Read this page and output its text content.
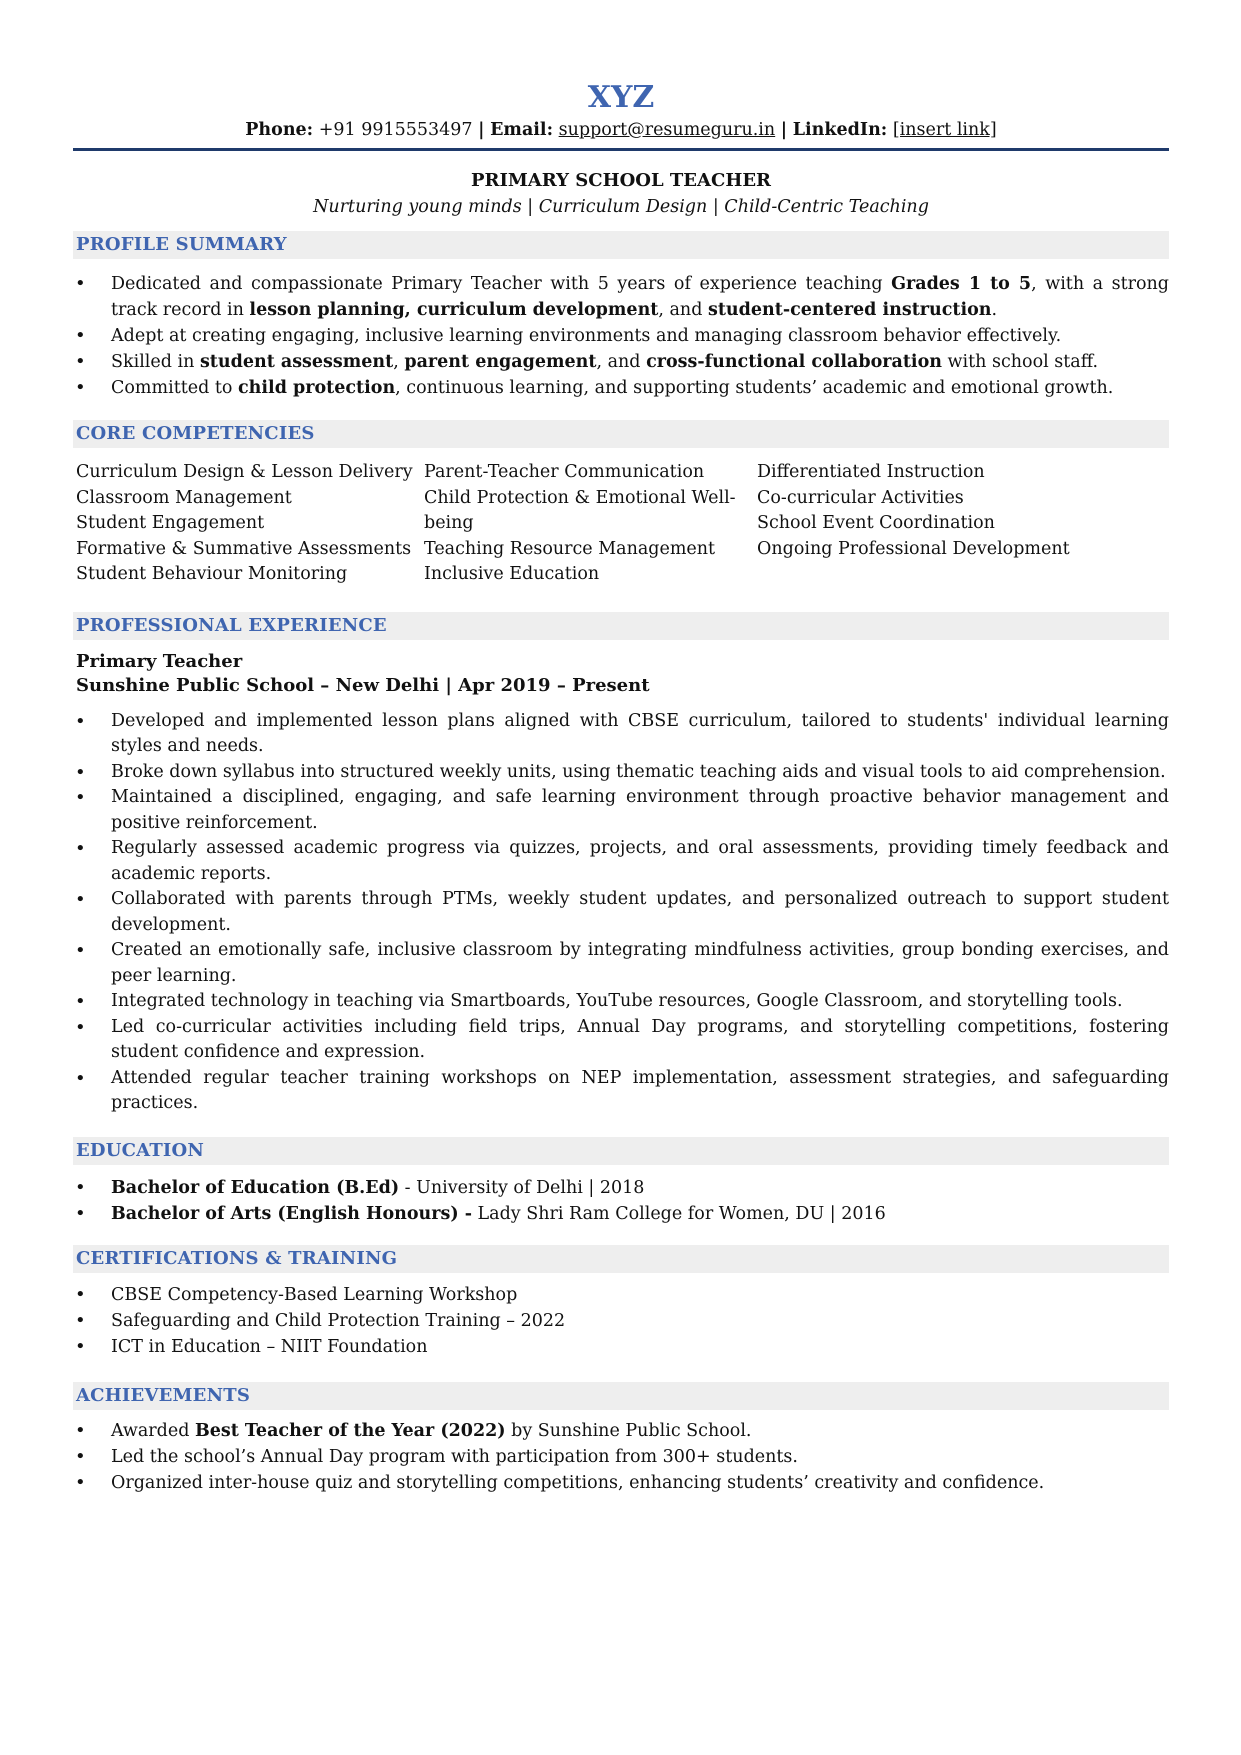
XYZ
Phone: +91 9915553497 | Email: support@resumeguru.in | LinkedIn: [insert link]
PRIMARY SCHOOL TEACHER
Nurturing young minds | Curriculum Design | Child-Centric Teaching
PROFILE SUMMARY
• Dedicated and compassionate Primary Teacher with 5 years of experience teaching Grades 1 to 5, with a strong track record in lesson planning, curriculum development, and student-centered instruction.
• Adept at creating engaging, inclusive learning environments and managing classroom behavior effectively.
• Skilled in student assessment, parent engagement, and cross-functional collaboration with school staff.
• Committed to child protection, continuous learning, and supporting students’ academic and emotional growth.
CORE COMPETENCIES
Curriculum Design & Lesson Delivery
Classroom Management
Student Engagement
Formative & Summative Assessments
Student Behaviour Monitoring
Parent-Teacher Communication
Child Protection & Emotional Well-
being
Teaching Resource Management
Inclusive Education
Differentiated Instruction
Co-curricular Activities
School Event Coordination
Ongoing Professional Development
PROFESSIONAL EXPERIENCE
Primary Teacher
Sunshine Public School – New Delhi | Apr 2019 – Present
• Developed and implemented lesson plans aligned with CBSE curriculum, tailored to students' individual learning styles and needs.
• Broke down syllabus into structured weekly units, using thematic teaching aids and visual tools to aid comprehension.
• Maintained a disciplined, engaging, and safe learning environment through proactive behavior management and positive reinforcement.
• Regularly assessed academic progress via quizzes, projects, and oral assessments, providing timely feedback and academic reports.
• Collaborated with parents through PTMs, weekly student updates, and personalized outreach to support student development.
• Created an emotionally safe, inclusive classroom by integrating mindfulness activities, group bonding exercises, and peer learning.
• Integrated technology in teaching via Smartboards, YouTube resources, Google Classroom, and storytelling tools.
• Led co-curricular activities including field trips, Annual Day programs, and storytelling competitions, fostering student confidence and expression.
• Attended regular teacher training workshops on NEP implementation, assessment strategies, and safeguarding practices.
EDUCATION
• Bachelor of Education (B.Ed) - University of Delhi | 2018
• Bachelor of Arts (English Honours) - Lady Shri Ram College for Women, DU | 2016
CERTIFICATIONS & TRAINING
• CBSE Competency-Based Learning Workshop
• Safeguarding and Child Protection Training – 2022
• ICT in Education – NIIT Foundation
ACHIEVEMENTS
• Awarded Best Teacher of the Year (2022) by Sunshine Public School.
• Led the school’s Annual Day program with participation from 300+ students.
• Organized inter-house quiz and storytelling competitions, enhancing students’ creativity and confidence.
